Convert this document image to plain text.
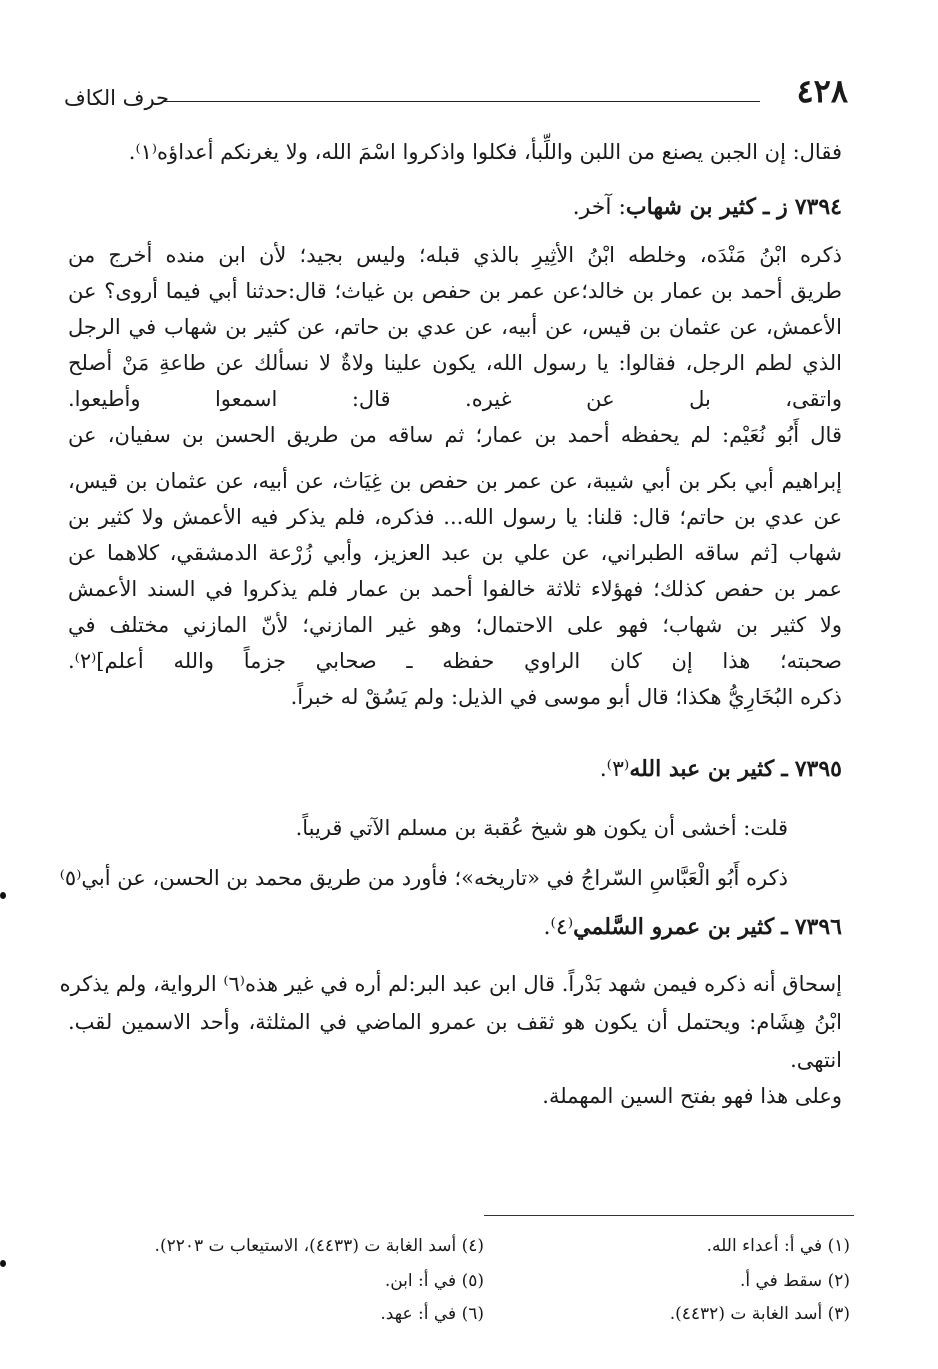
٤٢٨
حرف الكاف
فقال: إن الجبن يصنع من اللبن واللِّبأ، فكلوا واذكروا اسْمَ الله، ولا يغرنكم أعداؤه⁽١⁾.
٧٣٩٤ ز ـ كثير بن شهاب: آخر.
ذكره ابْنُ مَنْدَه، وخلطه ابْنُ الأثِيرِ بالذي قبله؛ وليس بجيد؛ لأن ابن منده أخرج من
طريق أحمد بن عمار بن خالد؛عن عمر بن حفص بن غياث؛ قال:حدثنا أبي فيما أروى؟ عن
الأعمش، عن عثمان بن قيس، عن أبيه، عن عدي بن حاتم، عن كثير بن شهاب في الرجل
الذي لطم الرجل، فقالوا: يا رسول الله، يكون علينا ولاةٌ لا نسألك عن طاعةِ مَنْ أصلح
واتقى، بل عن غيره. قال: اسمعوا وأطيعوا.
قال أَبُو نُعَيْم: لم يحفظه أحمد بن عمار؛ ثم ساقه من طريق الحسن بن سفيان، عن
إبراهيم أبي بكر بن أبي شيبة، عن عمر بن حفص بن غِيَاث، عن أبيه، عن عثمان بن قيس،
عن عدي بن حاتم؛ قال: قلنا: يا رسول الله... فذكره، فلم يذكر فيه الأعمش ولا كثير بن
شهاب [ثم ساقه الطبراني، عن علي بن عبد العزيز، وأبي زُرْعة الدمشقي، كلاهما عن
عمر بن حفص كذلك؛ فهؤلاء ثلاثة خالفوا أحمد بن عمار فلم يذكروا في السند الأعمش
ولا كثير بن شهاب؛ فهو على الاحتمال؛ وهو غير المازني؛ لأنّ المازني مختلف في
صحبته؛ هذا إن كان الراوي حفظه ـ صحابي جزماً والله أعلم]⁽٢⁾.
ذكره البُخَارِيُّ هكذا؛ قال أبو موسى في الذيل: ولم يَسُقْ له خبراً.
٧٣٩٥ ـ كثير بن عبد الله⁽٣⁾.
قلت: أخشى أن يكون هو شيخ عُقبة بن مسلم الآتي قريباً.
ذكره أَبُو الْعَبَّاسِ السّراجُ في «تاريخه»؛ فأورد من طريق محمد بن الحسن، عن أبي⁽٥⁾
٧٣٩٦ ـ كثير بن عمرو السَّلمي⁽٤⁾.
إسحاق أنه ذكره فيمن شهد بَدْراً. قال ابن عبد البر:لم أره في غير هذه⁽٦⁾ الرواية، ولم يذكره
ابْنُ هِشَام: ويحتمل أن يكون هو ثقف بن عمرو الماضي في المثلثة، وأحد الاسمين لقب.
انتهى.
وعلى هذا فهو بفتح السين المهملة.
(١) في أ: أعداء الله.
(٢) سقط في أ.
(٣) أسد الغابة ت (٤٤٣٢).
(٤) أسد الغابة ت (٤٤٣٣)، الاستيعاب ت ٢٢٠٣).
(٥) في أ: ابن.
(٦) في أ: عهد.
